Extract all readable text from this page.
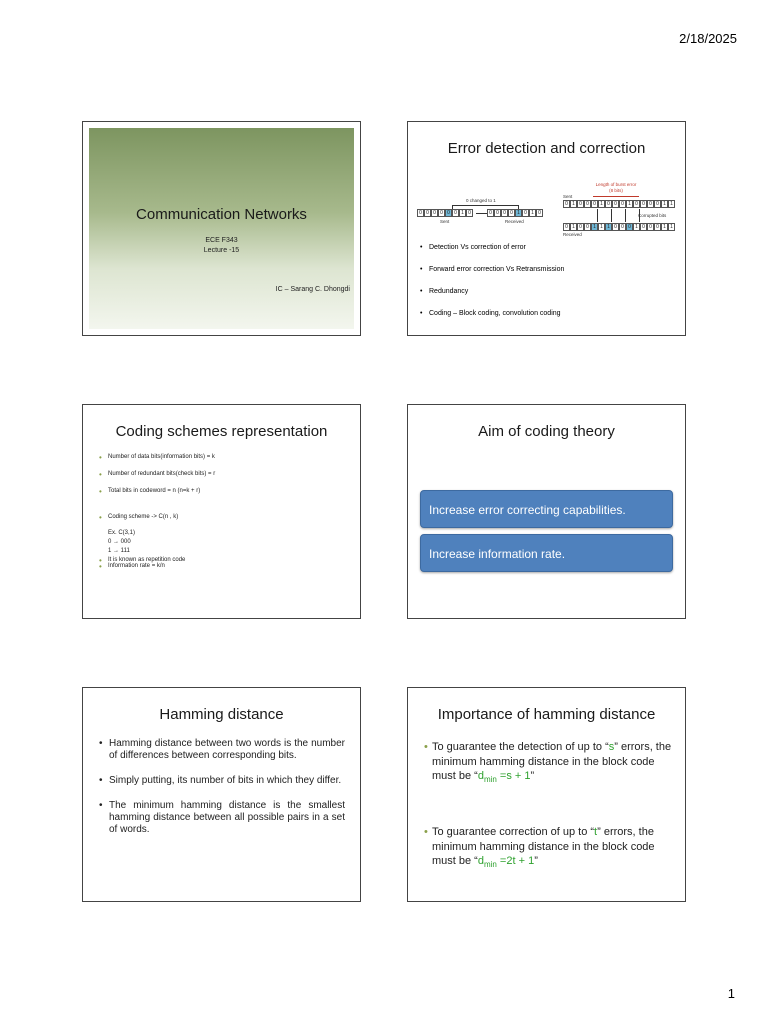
2/18/2025
Communication Networks
ECE F343
Lecture -15
IC – Sarang C. Dhongdi
Error detection and correction
0 changed to 1
0 0 0 0 0 0 1 0	0 0 0 0 1 0 1 0
Sent	Received
Length of burst error (8 bits)
Sent
0 1 0 0 0 1 0 0 0 1 0 0 0 0 1 1
Corrupted bits
0 1 0 0 1 1 1 0 0 0 1 0 0 0 1 1
Received
• Detection Vs correction of error
• Forward error correction Vs Retransmission
• Redundancy
• Coding – Block coding, convolution coding
Coding schemes representation
• Number of data bits(information bits) = k
• Number of redundant bits(check bits) = r
• Total bits in codeword = n (n=k + r)
• Coding scheme -> C(n , k)
Ex. C(3,1)
0 → 000
1 → 111
• It is known as repetition code
• Information rate = k/n
Aim of coding theory
Increase error correcting capabilities.
Increase information rate.
Hamming distance
• Hamming distance between two words is the number of differences between corresponding bits.
• Simply putting, its number of bits in which they differ.
• The minimum hamming distance is the smallest hamming distance between all possible pairs in a set of words.
Importance of hamming distance
• To guarantee the detection of up to “s” errors, the minimum hamming distance in the block code must be “$d_{min} =s + 1$”
• To guarantee correction of up to “t” errors, the minimum hamming distance in the block code must be “$d_{min} =2t + 1$”
1
